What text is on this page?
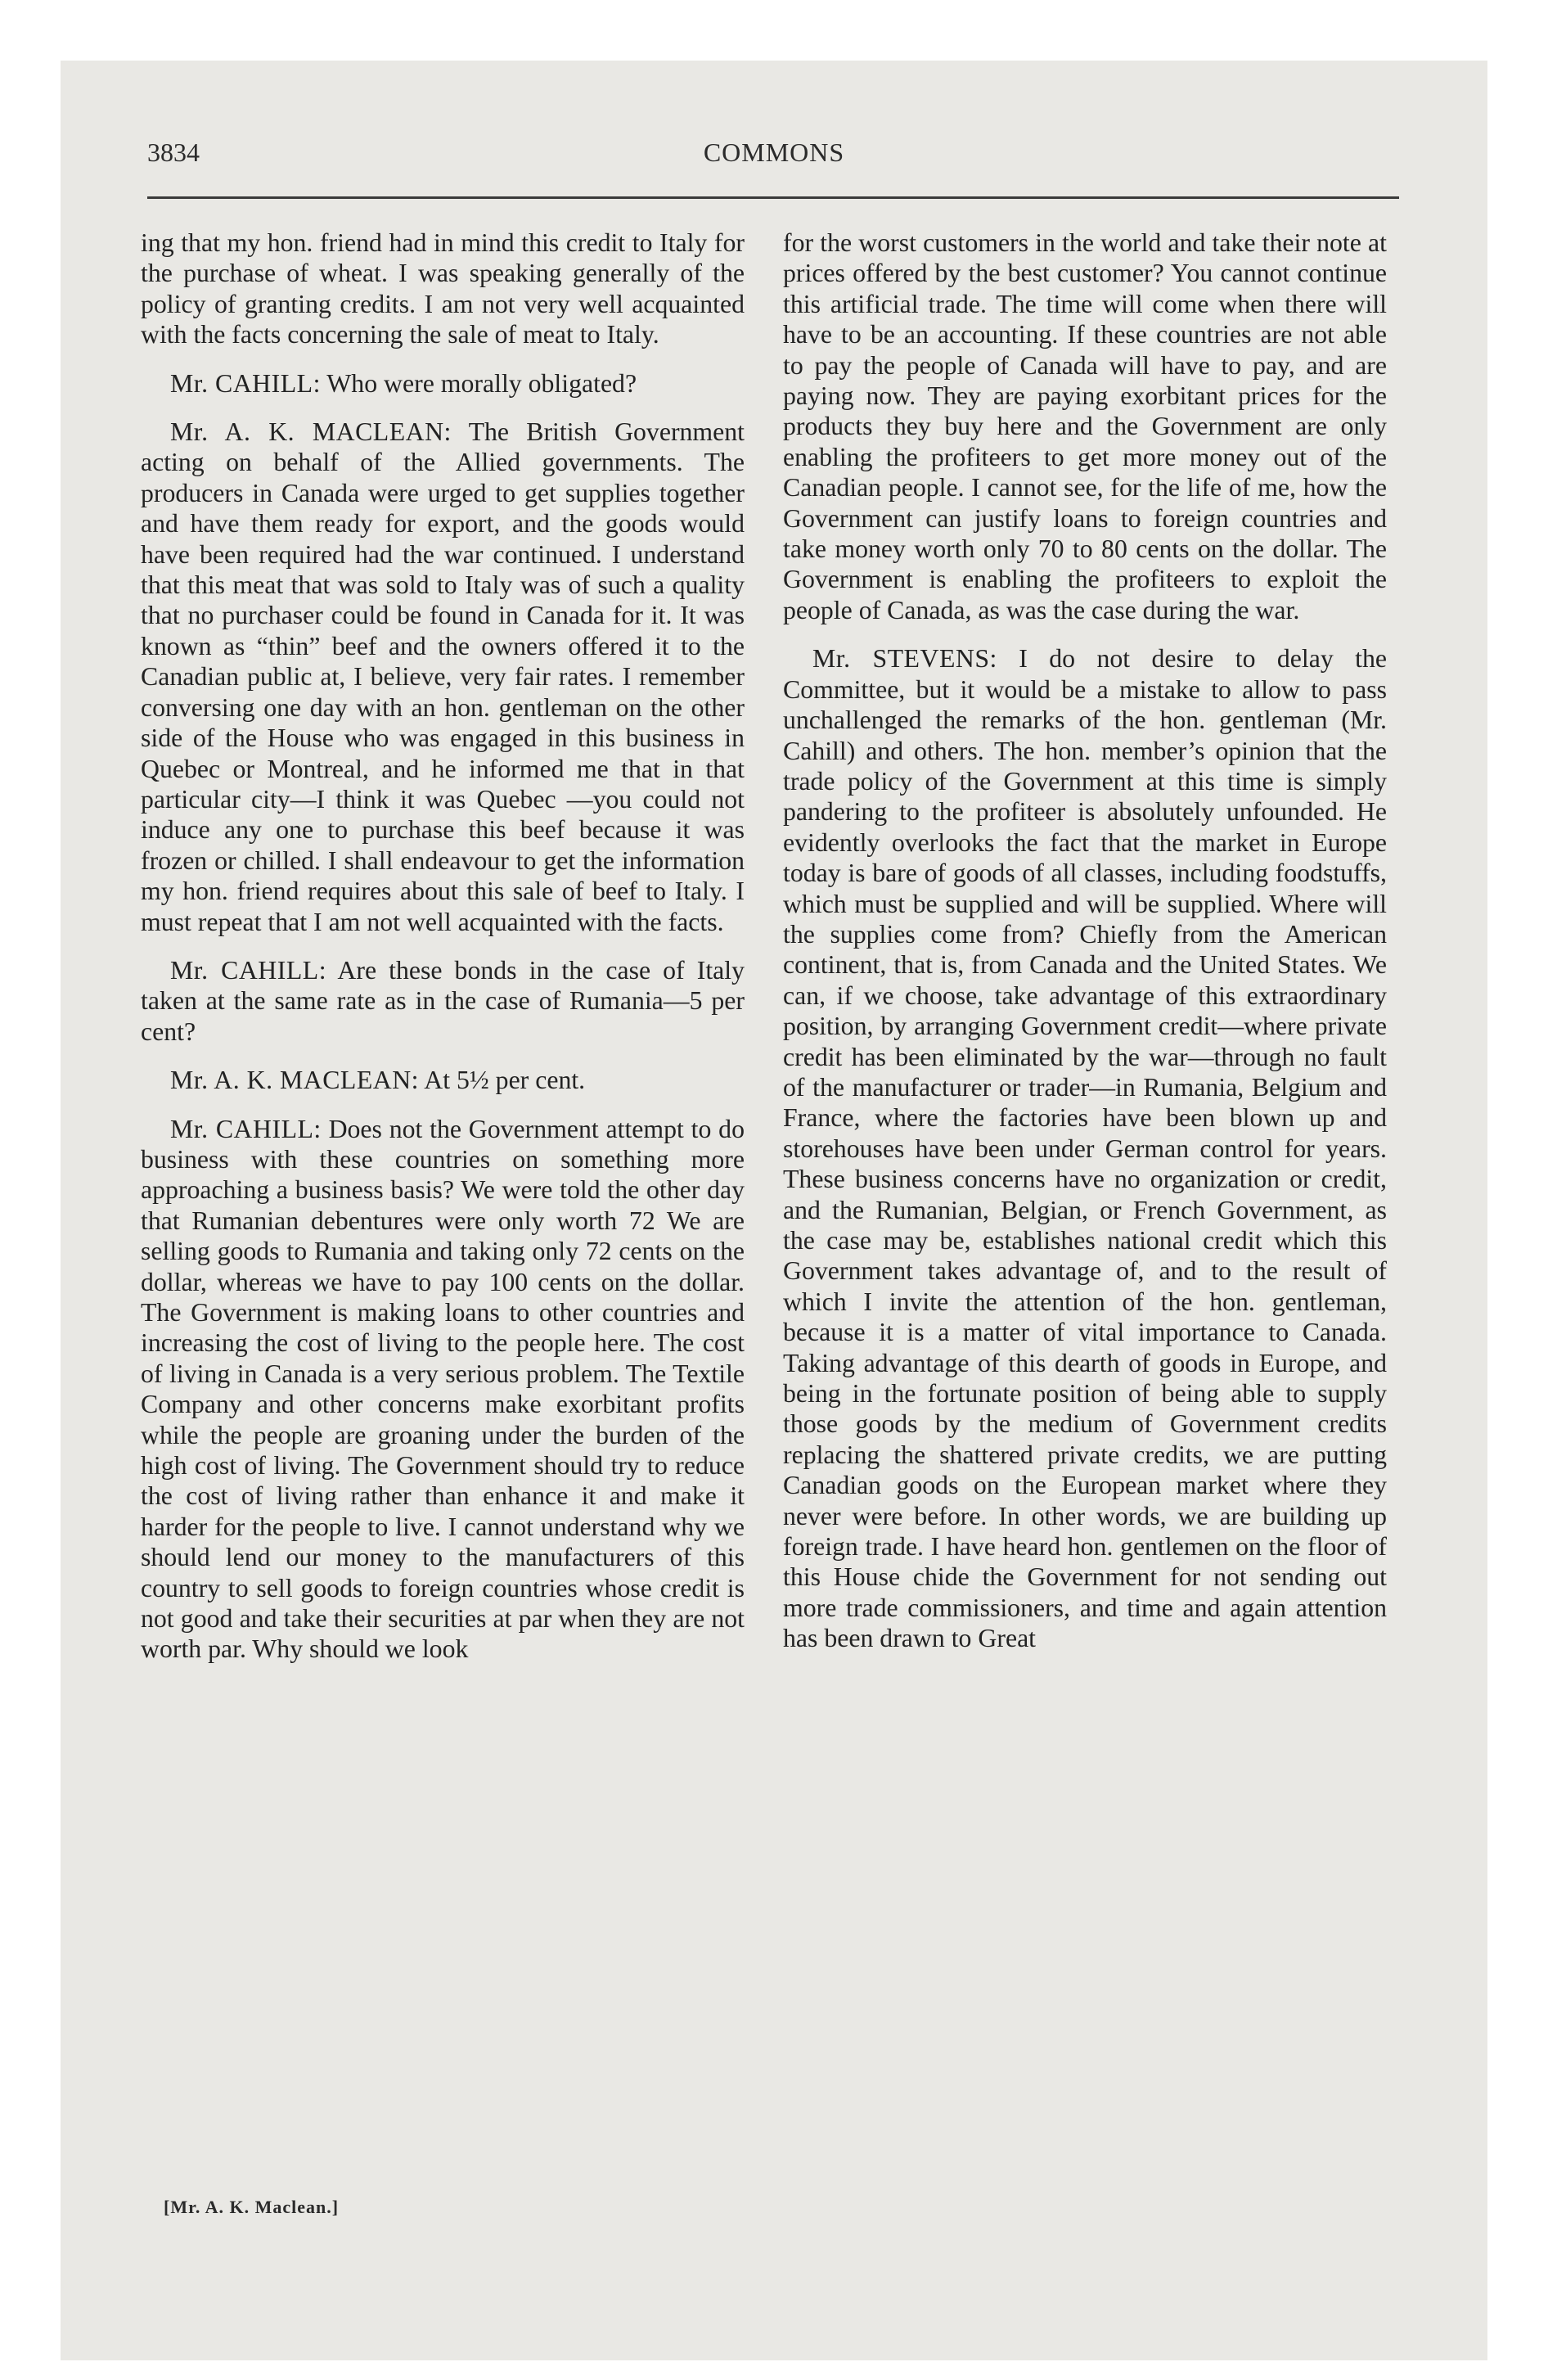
3834	COMMONS

ing that my hon. friend had in mind this credit to Italy for the purchase of wheat. I was speaking generally of the policy of granting credits. I am not very well acquainted with the facts concerning the sale of meat to Italy.

Mr. CAHILL: Who were morally obligated?

Mr. A. K. MACLEAN: The British Government acting on behalf of the Allied governments. The producers in Canada were urged to get supplies together and have them ready for export, and the goods would have been required had the war continued. I understand that this meat that was sold to Italy was of such a quality that no purchaser could be found in Canada for it. It was known as “thin” beef and the owners offered it to the Canadian public at, I believe, very fair rates. I remember conversing one day with an hon. gentleman on the other side of the House who was engaged in this business in Quebec or Montreal, and he informed me that in that particular city—I think it was Quebec —you could not induce any one to purchase this beef because it was frozen or chilled. I shall endeavour to get the information my hon. friend requires about this sale of beef to Italy. I must repeat that I am not well acquainted with the facts.

Mr. CAHILL: Are these bonds in the case of Italy taken at the same rate as in the case of Rumania—5 per cent?

Mr. A. K. MACLEAN: At 5½ per cent.

Mr. CAHILL: Does not the Government attempt to do business with these countries on something more approaching a business basis? We were told the other day that Rumanian debentures were only worth 72 We are selling goods to Rumania and taking only 72 cents on the dollar, whereas we have to pay 100 cents on the dollar. The Government is making loans to other countries and increasing the cost of living to the people here. The cost of living in Canada is a very serious problem. The Textile Company and other concerns make exorbitant profits while the people are groaning under the burden of the high cost of living. The Government should try to reduce the cost of living rather than enhance it and make it harder for the people to live. I cannot understand why we should lend our money to the manufacturers of this country to sell goods to foreign countries whose credit is not good and take their securities at par when they are not worth par. Why should we look

for the worst customers in the world and take their note at prices offered by the best customer? You cannot continue this artificial trade. The time will come when there will have to be an accounting. If these countries are not able to pay the people of Canada will have to pay, and are paying now. They are paying exorbitant prices for the products they buy here and the Government are only enabling the profiteers to get more money out of the Canadian people. I cannot see, for the life of me, how the Government can justify loans to foreign countries and take money worth only 70 to 80 cents on the dollar. The Government is enabling the profiteers to exploit the people of Canada, as was the case during the war.

Mr. STEVENS: I do not desire to delay the Committee, but it would be a mistake to allow to pass unchallenged the remarks of the hon. gentleman (Mr. Cahill) and others. The hon. member’s opinion that the trade policy of the Government at this time is simply pandering to the profiteer is absolutely unfounded. He evidently overlooks the fact that the market in Europe today is bare of goods of all classes, including foodstuffs, which must be supplied and will be supplied. Where will the supplies come from? Chiefly from the American continent, that is, from Canada and the United States. We can, if we choose, take advantage of this extraordinary position, by arranging Government credit—where private credit has been eliminated by the war—through no fault of the manufacturer or trader—in Rumania, Belgium and France, where the factories have been blown up and storehouses have been under German control for years. These business concerns have no organization or credit, and the Rumanian, Belgian, or French Government, as the case may be, establishes national credit which this Government takes advantage of, and to the result of which I invite the attention of the hon. gentleman, because it is a matter of vital importance to Canada. Taking advantage of this dearth of goods in Europe, and being in the fortunate position of being able to supply those goods by the medium of Government credits replacing the shattered private credits, we are putting Canadian goods on the European market where they never were before. In other words, we are building up foreign trade. I have heard hon. gentlemen on the floor of this House chide the Government for not sending out more trade commissioners, and time and again attention has been drawn to Great

[Mr. A. K. Maclean.]
